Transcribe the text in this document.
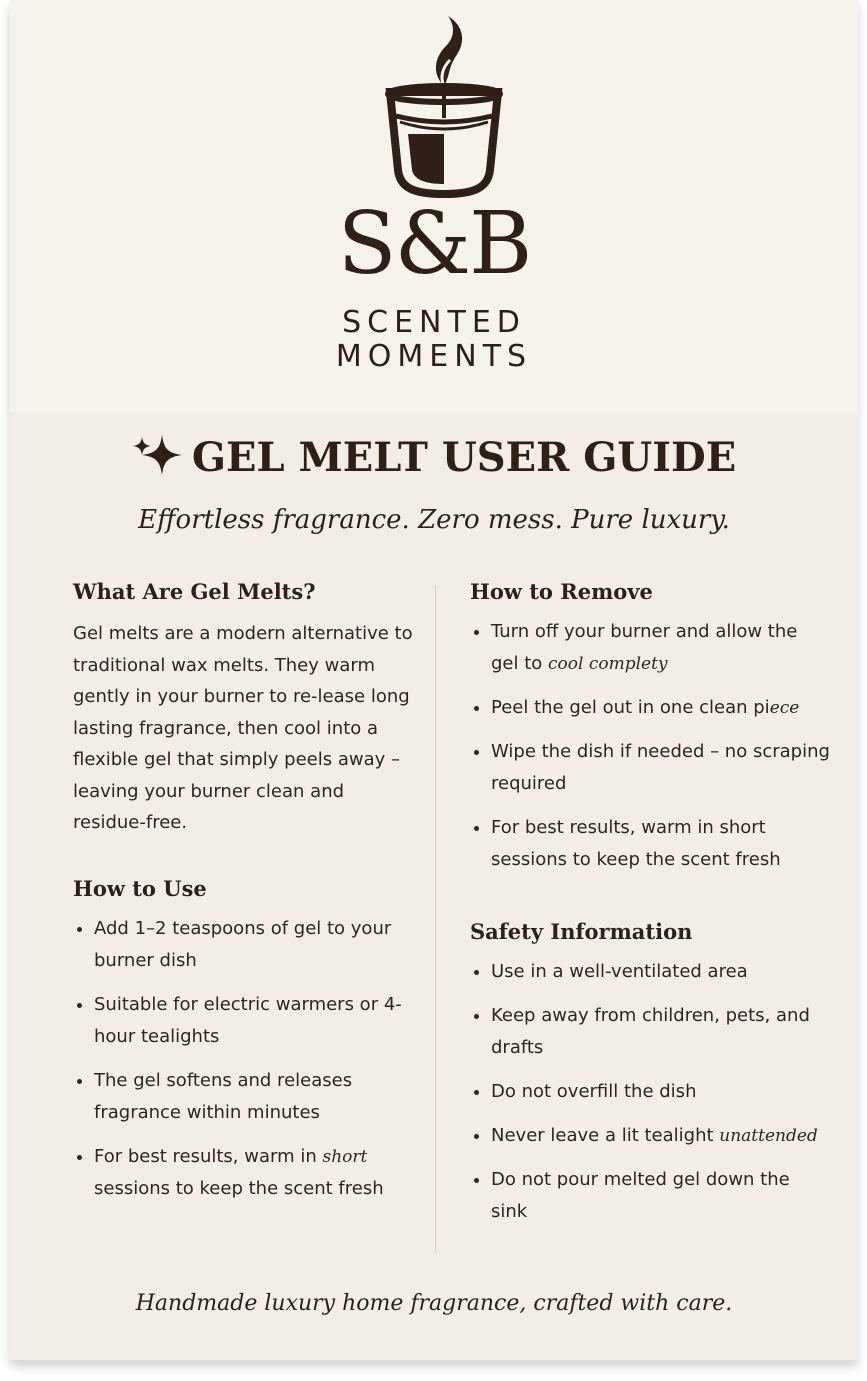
S&B
SCENTED
MOMENTS
GEL MELT USER GUIDE
Effortless fragrance. Zero mess. Pure luxury.
What Are Gel Melts?

Gel melts are a modern alternative to traditional wax melts. They warm gently in your burner to re-lease long lasting fragrance, then cool into a flexible gel that simply peels away – leaving your burner clean and residue-free.

How to Use
Add 1–2 teaspoons of gel to your burner dish
Suitable for electric warmers or 4-hour tealights
The gel softens and releases fragrance within minutes
For best results, warm in short sessions to keep the scent fresh
How to Remove
Turn off your burner and allow the gel to cool complety
Peel the gel out in one clean piece
Wipe the dish if needed – no scraping required
For best results, warm in short sessions to keep the scent fresh
Safety Information
Use in a well-ventilated area
Keep away from children, pets, and drafts
Do not overfill the dish
Never leave a lit tealight unattended
Do not pour melted gel down the sink
Handmade luxury home fragrance, crafted with care.
